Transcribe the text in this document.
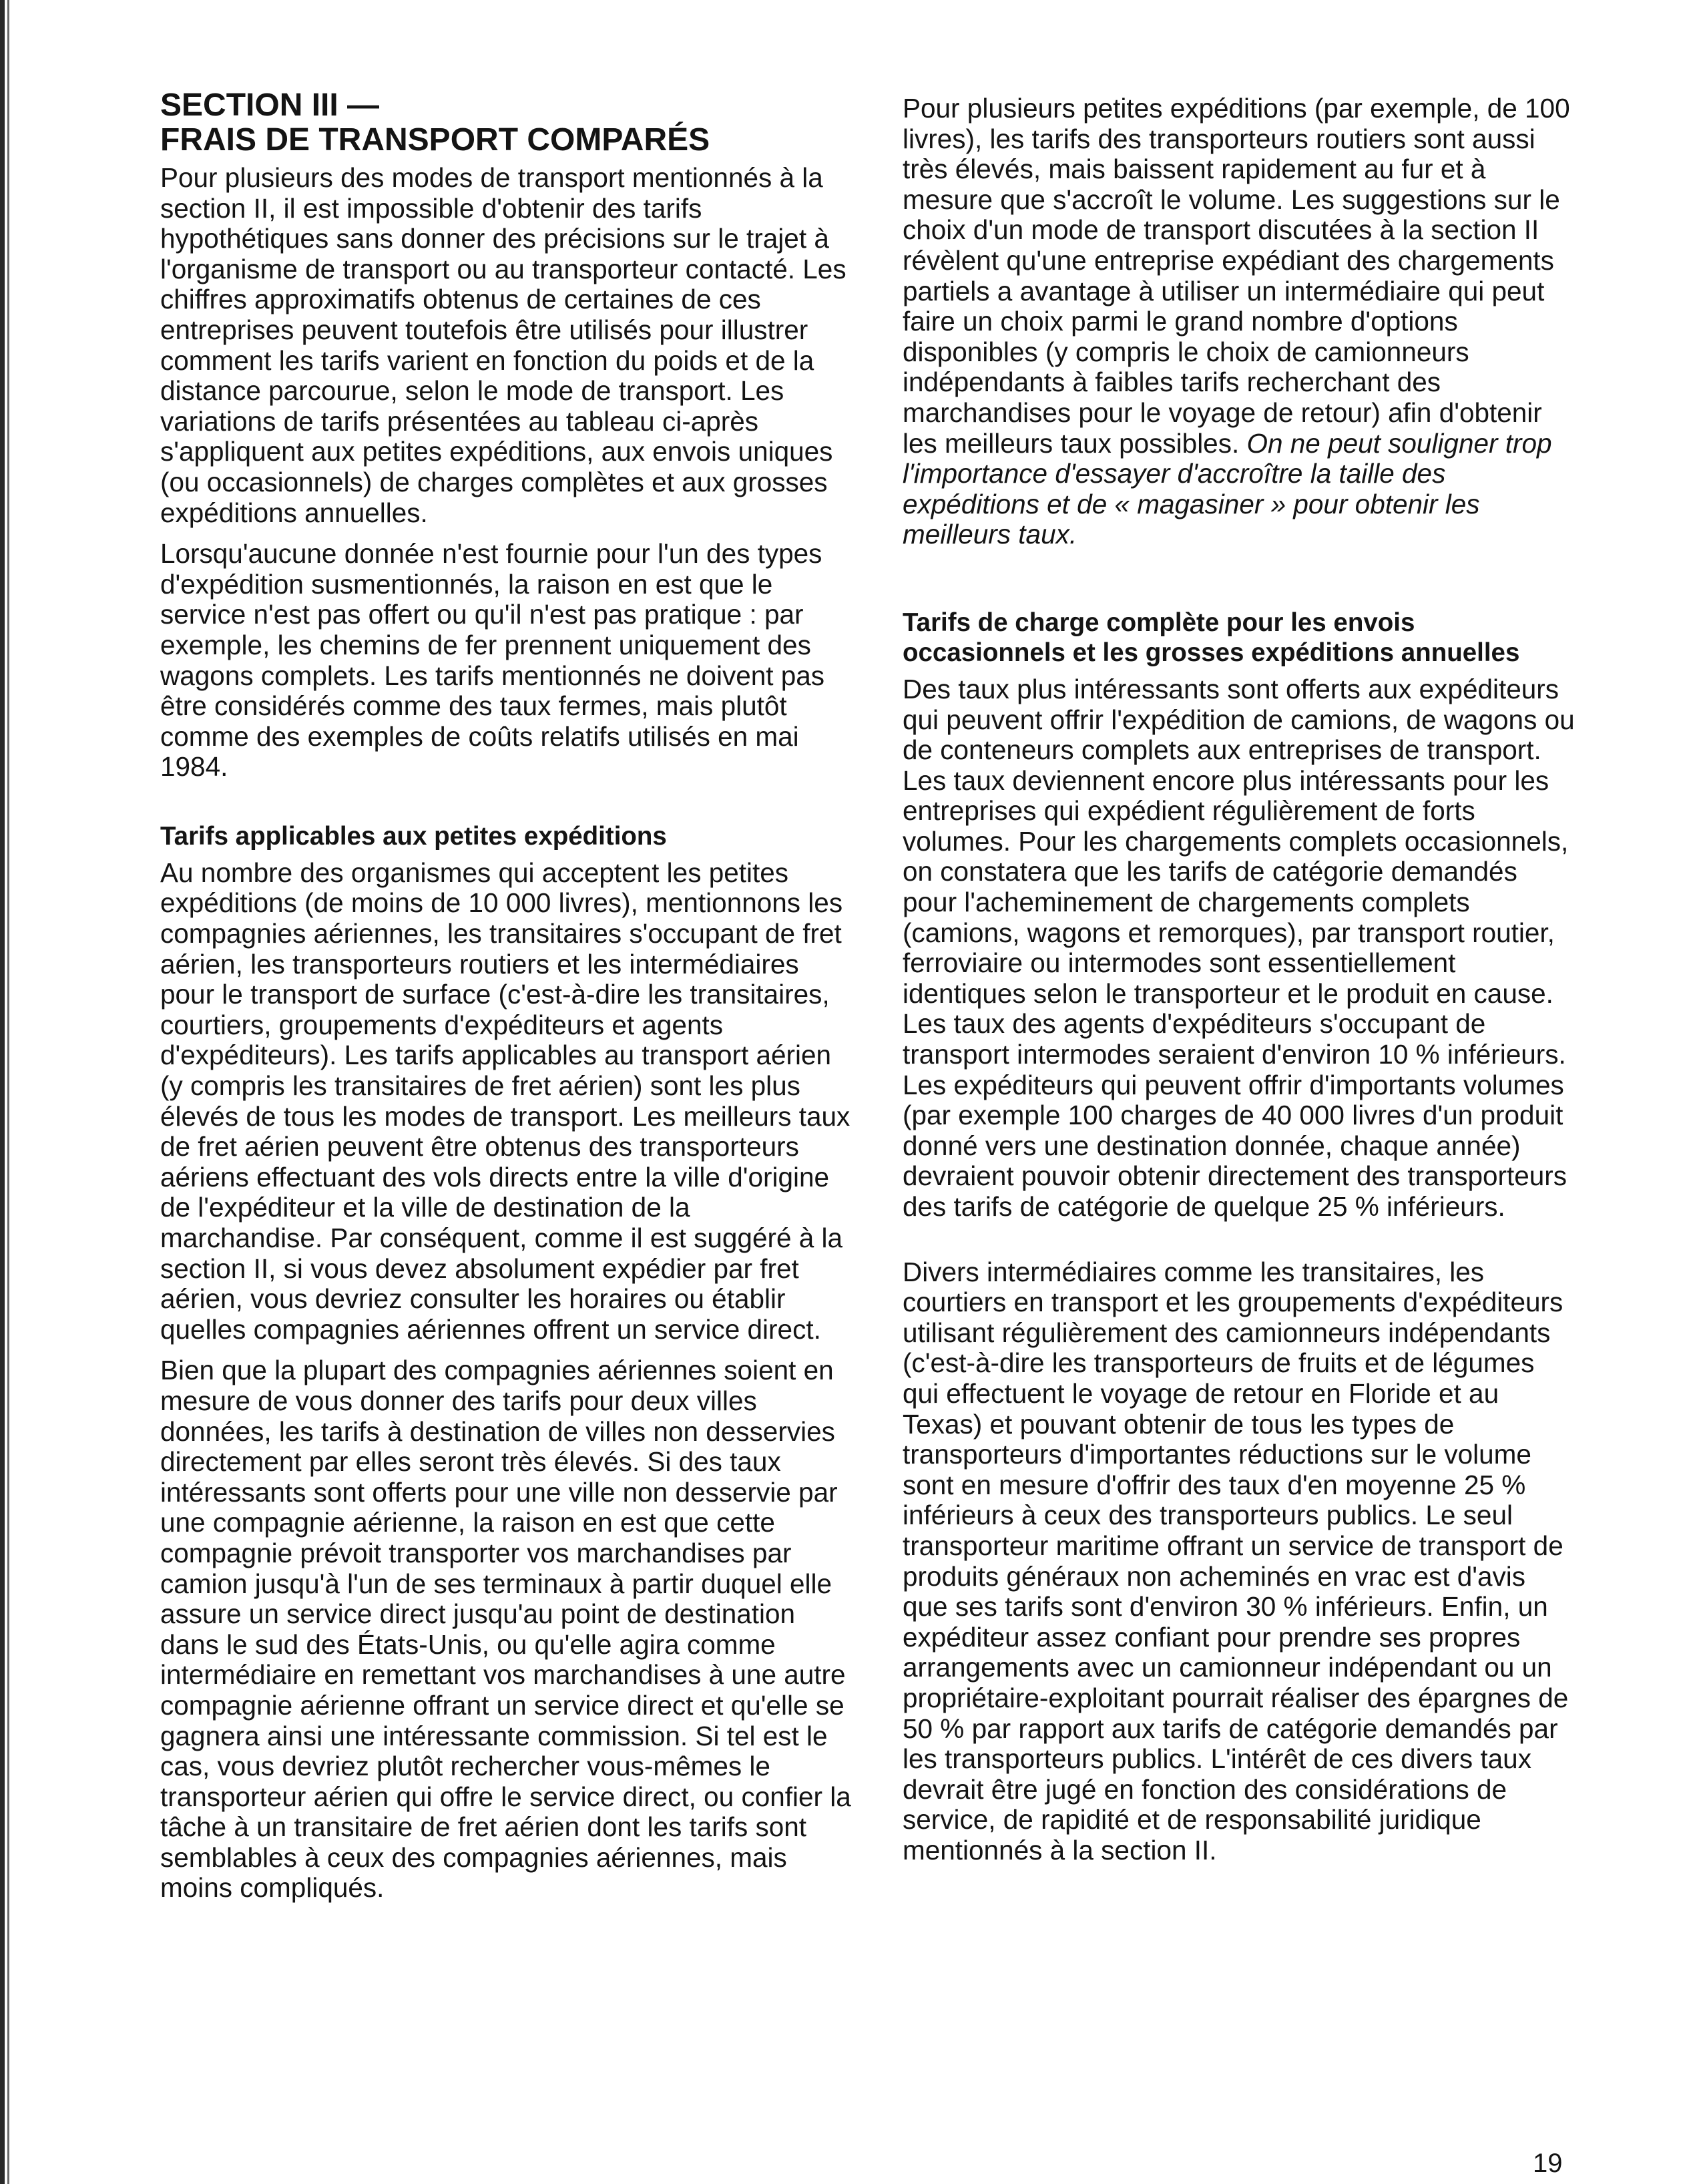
SECTION III —
FRAIS DE TRANSPORT COMPARÉS

Pour plusieurs des modes de transport mentionnés à la section II, il est impossible d'obtenir des tarifs hypothétiques sans donner des précisions sur le trajet à l'organisme de transport ou au transporteur contacté. Les chiffres approximatifs obtenus de certaines de ces entreprises peuvent toutefois être utilisés pour illustrer comment les tarifs varient en fonction du poids et de la distance parcourue, selon le mode de transport. Les variations de tarifs présentées au tableau ci-après s'appliquent aux petites expéditions, aux envois uniques (ou occasionnels) de charges complètes et aux grosses expéditions annuelles.

Lorsqu'aucune donnée n'est fournie pour l'un des types d'expédition susmentionnés, la raison en est que le service n'est pas offert ou qu'il n'est pas pratique : par exemple, les chemins de fer prennent uniquement des wagons complets. Les tarifs mentionnés ne doivent pas être considérés comme des taux fermes, mais plutôt comme des exemples de coûts relatifs utilisés en mai 1984.

Tarifs applicables aux petites expéditions

Au nombre des organismes qui acceptent les petites expéditions (de moins de 10 000 livres), mentionnons les compagnies aériennes, les transitaires s'occupant de fret aérien, les transporteurs routiers et les intermédiaires pour le transport de surface (c'est-à-dire les transitaires, courtiers, groupements d'expéditeurs et agents d'expéditeurs). Les tarifs applicables au transport aérien (y compris les transitaires de fret aérien) sont les plus élevés de tous les modes de transport. Les meilleurs taux de fret aérien peuvent être obtenus des transporteurs aériens effectuant des vols directs entre la ville d'origine de l'expéditeur et la ville de destination de la marchandise. Par conséquent, comme il est suggéré à la section II, si vous devez absolument expédier par fret aérien, vous devriez consulter les horaires ou établir quelles compagnies aériennes offrent un service direct.

Bien que la plupart des compagnies aériennes soient en mesure de vous donner des tarifs pour deux villes données, les tarifs à destination de villes non desservies directement par elles seront très élevés. Si des taux intéressants sont offerts pour une ville non desservie par une compagnie aérienne, la raison en est que cette compagnie prévoit transporter vos marchandises par camion jusqu'à l'un de ses terminaux à partir duquel elle assure un service direct jusqu'au point de destination dans le sud des États-Unis, ou qu'elle agira comme intermédiaire en remettant vos marchandises à une autre compagnie aérienne offrant un service direct et qu'elle se gagnera ainsi une intéressante commission. Si tel est le cas, vous devriez plutôt rechercher vous-mêmes le transporteur aérien qui offre le service direct, ou confier la tâche à un transitaire de fret aérien dont les tarifs sont semblables à ceux des compagnies aériennes, mais moins compliqués.

Pour plusieurs petites expéditions (par exemple, de 100 livres), les tarifs des transporteurs routiers sont aussi très élevés, mais baissent rapidement au fur et à mesure que s'accroît le volume. Les suggestions sur le choix d'un mode de transport discutées à la section II révèlent qu'une entreprise expédiant des chargements partiels a avantage à utiliser un intermédiaire qui peut faire un choix parmi le grand nombre d'options disponibles (y compris le choix de camionneurs indépendants à faibles tarifs recherchant des marchandises pour le voyage de retour) afin d'obtenir les meilleurs taux possibles. On ne peut souligner trop l'importance d'essayer d'accroître la taille des expéditions et de « magasiner » pour obtenir les meilleurs taux.

Tarifs de charge complète pour les envois occasionnels et les grosses expéditions annuelles

Des taux plus intéressants sont offerts aux expéditeurs qui peuvent offrir l'expédition de camions, de wagons ou de conteneurs complets aux entreprises de transport. Les taux deviennent encore plus intéressants pour les entreprises qui expédient régulièrement de forts volumes. Pour les chargements complets occasionnels, on constatera que les tarifs de catégorie demandés pour l'acheminement de chargements complets (camions, wagons et remorques), par transport routier, ferroviaire ou intermodes sont essentiellement identiques selon le transporteur et le produit en cause. Les taux des agents d'expéditeurs s'occupant de transport intermodes seraient d'environ 10 % inférieurs. Les expéditeurs qui peuvent offrir d'importants volumes (par exemple 100 charges de 40 000 livres d'un produit donné vers une destination donnée, chaque année) devraient pouvoir obtenir directement des transporteurs des tarifs de catégorie de quelque 25 % inférieurs.

Divers intermédiaires comme les transitaires, les courtiers en transport et les groupements d'expéditeurs utilisant régulièrement des camionneurs indépendants (c'est-à-dire les transporteurs de fruits et de légumes qui effectuent le voyage de retour en Floride et au Texas) et pouvant obtenir de tous les types de transporteurs d'importantes réductions sur le volume sont en mesure d'offrir des taux d'en moyenne 25 % inférieurs à ceux des transporteurs publics. Le seul transporteur maritime offrant un service de transport de produits généraux non acheminés en vrac est d'avis que ses tarifs sont d'environ 30 % inférieurs. Enfin, un expéditeur assez confiant pour prendre ses propres arrangements avec un camionneur indépendant ou un propriétaire-exploitant pourrait réaliser des épargnes de 50 % par rapport aux tarifs de catégorie demandés par les transporteurs publics. L'intérêt de ces divers taux devrait être jugé en fonction des considérations de service, de rapidité et de responsabilité juridique mentionnés à la section II.

19
